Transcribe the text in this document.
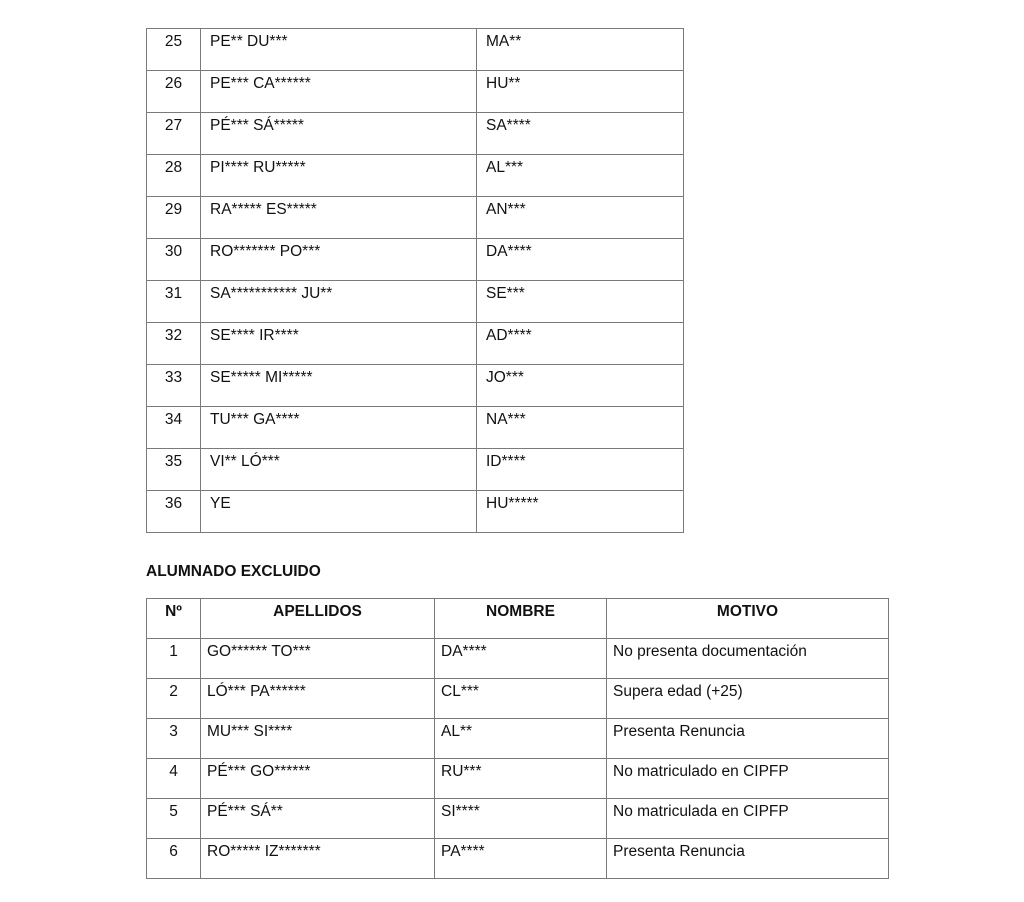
25	PE** DU***	MA**
26	PE*** CA******	HU**
27	PÉ*** SÁ*****	SA****
28	PI**** RU*****	AL***
29	RA***** ES*****	AN***
30	RO******* PO***	DA****
31	SA*********** JU**	SE***
32	SE**** IR****	AD****
33	SE***** MI*****	JO***
34	TU*** GA****	NA***
35	VI** LÓ***	ID****
36	YE	HU*****
ALUMNADO EXCLUIDO
Nº	APELLIDOS	NOMBRE	MOTIVO
1	GO****** TO***	DA****	No presenta documentación
2	LÓ*** PA******	CL***	Supera edad (+25)
3	MU*** SI****	AL**	Presenta Renuncia
4	PÉ*** GO******	RU***	No matriculado en CIPFP
5	PÉ*** SÁ**	SI****	No matriculada en CIPFP
6	RO***** IZ*******	PA****	Presenta Renuncia
